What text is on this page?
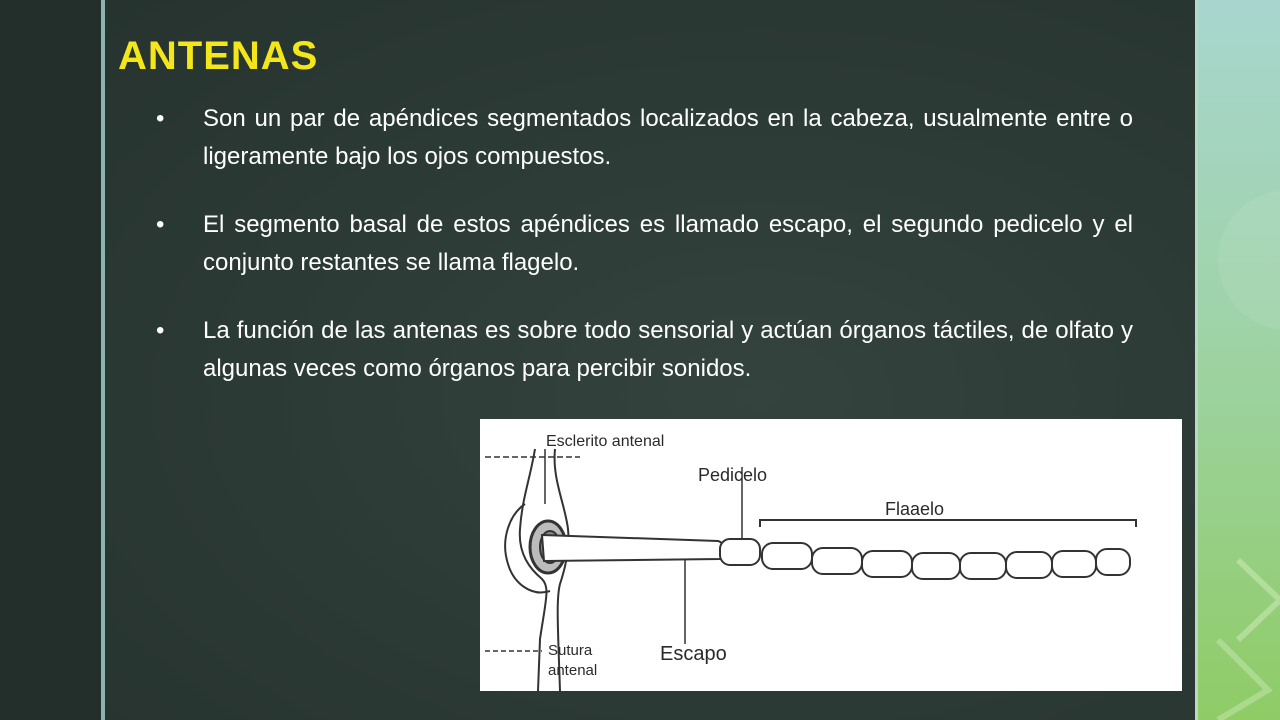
ANTENAS
• Son un par de apéndices segmentados localizados en la cabeza, usualmente entre o ligeramente bajo los ojos compuestos.
• El segmento basal de estos apéndices es llamado escapo, el segundo pedicelo y el conjunto restantes se llama flagelo.
• La función de las antenas es sobre todo sensorial y actúan órganos táctiles, de olfato y algunas veces como órganos para percibir sonidos.
Esclerito antenal
Pedicelo
Flaaelo
Sutura
antenal
Escapo
